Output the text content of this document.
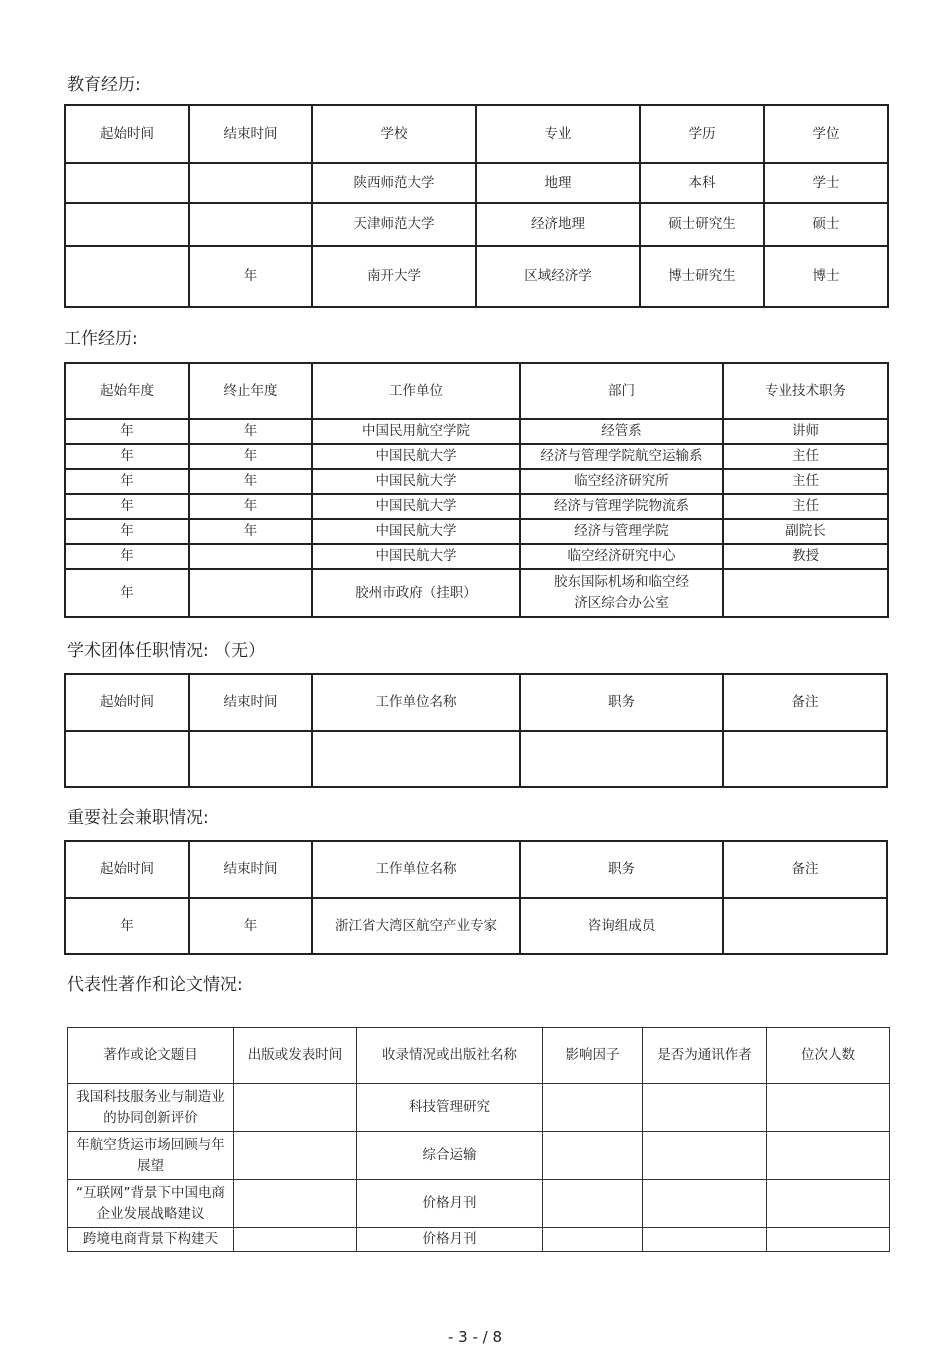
教育经历:
起始时间	结束时间	学校	专业	学历	学位
		陕西师范大学	地理	本科	学士
		天津师范大学	经济地理	硕士研究生	硕士
	年	南开大学	区域经济学	博士研究生	博士
工作经历:
起始年度	终止年度	工作单位	部门	专业技术职务
年	年	中国民用航空学院	经管系	讲师
年	年	中国民航大学	经济与管理学院航空运输系	主任
年	年	中国民航大学	临空经济研究所	主任
年	年	中国民航大学	经济与管理学院物流系	主任
年	年	中国民航大学	经济与管理学院	副院长
年		中国民航大学	临空经济研究中心	教授
年		胶州市政府（挂职）	胶东国际机场和临空经济区综合办公室	
学术团体任职情况: （无）
起始时间	结束时间	工作单位名称	职务	备注

重要社会兼职情况:
起始时间	结束时间	工作单位名称	职务	备注
年	年	浙江省大湾区航空产业专家	咨询组成员	
代表性著作和论文情况:
著作或论文题目	出版或发表时间	收录情况或出版社名称	影响因子	是否为通讯作者	位次人数
我国科技服务业与制造业的协同创新评价		科技管理研究			
年航空货运市场回顾与年展望		综合运输			
“互联网”背景下中国电商企业发展战略建议		价格月刊			
跨境电商背景下构建天		价格月刊			
- 3 - / 8
